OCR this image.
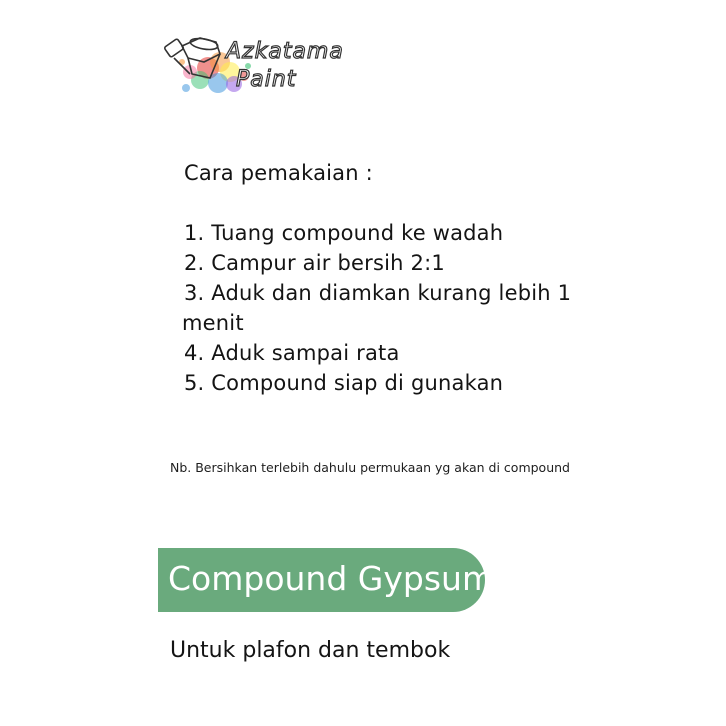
Azkatama
Paint

Cara pemakaian :

1. Tuang compound ke wadah
2. Campur air bersih 2:1
3. Aduk dan diamkan kurang lebih 1
menit
4. Aduk sampai rata
5. Compound siap di gunakan
Nb. Bersihkan terlebih dahulu permukaan yg akan di compound
Compound Gypsum
Untuk plafon dan tembok
